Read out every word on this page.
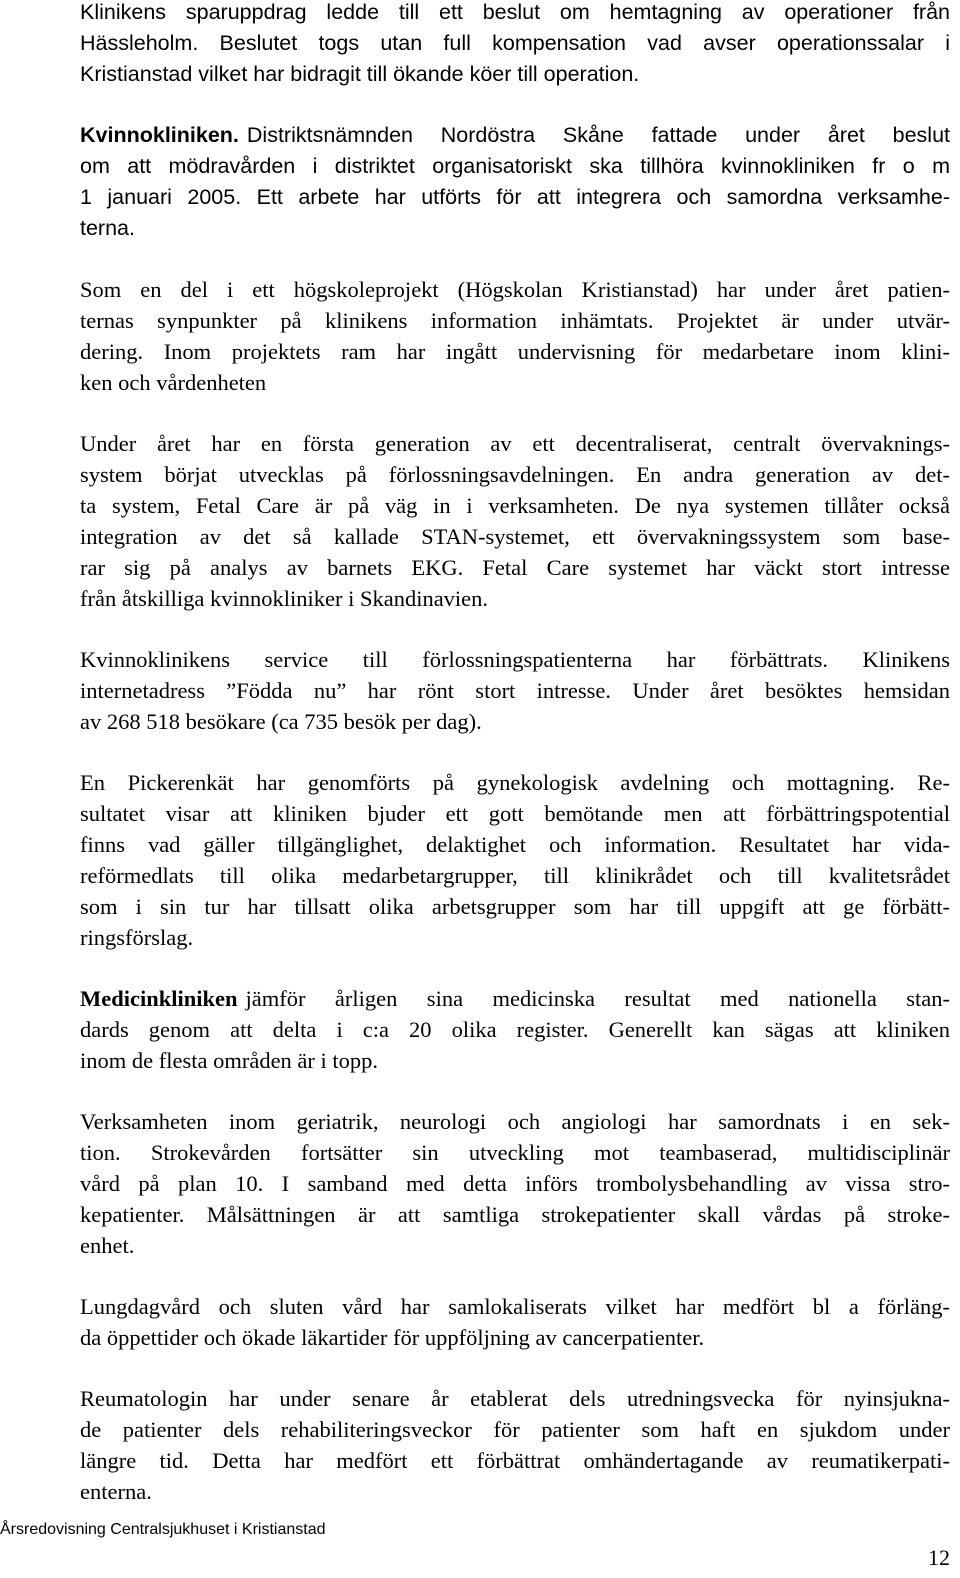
Klinikens sparuppdrag ledde till ett beslut om hemtagning av operationer från
Hässleholm. Beslutet togs utan full kompensation vad avser operationssalar i
Kristianstad vilket har bidragit till ökande köer till operation.
Kvinnokliniken. Distriktsnämnden Nordöstra Skåne fattade under året beslut
om att mödravården i distriktet organisatoriskt ska tillhöra kvinnokliniken fr o m
1 januari 2005. Ett arbete har utförts för att integrera och samordna verksamhe-
terna.
Som en del i ett högskoleprojekt (Högskolan Kristianstad) har under året patien-
ternas synpunkter på klinikens information inhämtats. Projektet är under utvär-
dering. Inom projektets ram har ingått undervisning för medarbetare inom klini-
ken och vårdenheten
Under året har en första generation av ett decentraliserat, centralt övervaknings-
system börjat utvecklas på förlossningsavdelningen. En andra generation av det-
ta system, Fetal Care är på väg in i verksamheten. De nya systemen tillåter också
integration av det så kallade STAN-systemet, ett övervakningssystem som base-
rar sig på analys av barnets EKG. Fetal Care systemet har väckt stort intresse
från åtskilliga kvinnokliniker i Skandinavien.
Kvinnoklinikens service till förlossningspatienterna har förbättrats. Klinikens
internetadress ”Födda nu” har rönt stort intresse. Under året besöktes hemsidan
av 268 518 besökare (ca 735 besök per dag).
En Pickerenkät har genomförts på gynekologisk avdelning och mottagning. Re-
sultatet visar att kliniken bjuder ett gott bemötande men att förbättringspotential
finns vad gäller tillgänglighet, delaktighet och information. Resultatet har vida-
reförmedlats till olika medarbetargrupper, till klinikrådet och till kvalitetsrådet
som i sin tur har tillsatt olika arbetsgrupper som har till uppgift att ge förbätt-
ringsförslag.
Medicinkliniken jämför årligen sina medicinska resultat med nationella stan-
dards genom att delta i c:a 20 olika register. Generellt kan sägas att kliniken
inom de flesta områden är i topp.
Verksamheten inom geriatrik, neurologi och angiologi har samordnats i en sek-
tion. Strokevården fortsätter sin utveckling mot teambaserad, multidisciplinär
vård på plan 10. I samband med detta införs trombolysbehandling av vissa stro-
kepatienter. Målsättningen är att samtliga strokepatienter skall vårdas på stroke-
enhet.
Lungdagvård och sluten vård har samlokaliserats vilket har medfört bl a förläng-
da öppettider och ökade läkartider för uppföljning av cancerpatienter.
Reumatologin har under senare år etablerat dels utredningsvecka för nyinsjukna-
de patienter dels rehabiliteringsveckor för patienter som haft en sjukdom under
längre tid. Detta har medfört ett förbättrat omhändertagande av reumatikerpati-
enterna.
Årsredovisning Centralsjukhuset i Kristianstad
12
